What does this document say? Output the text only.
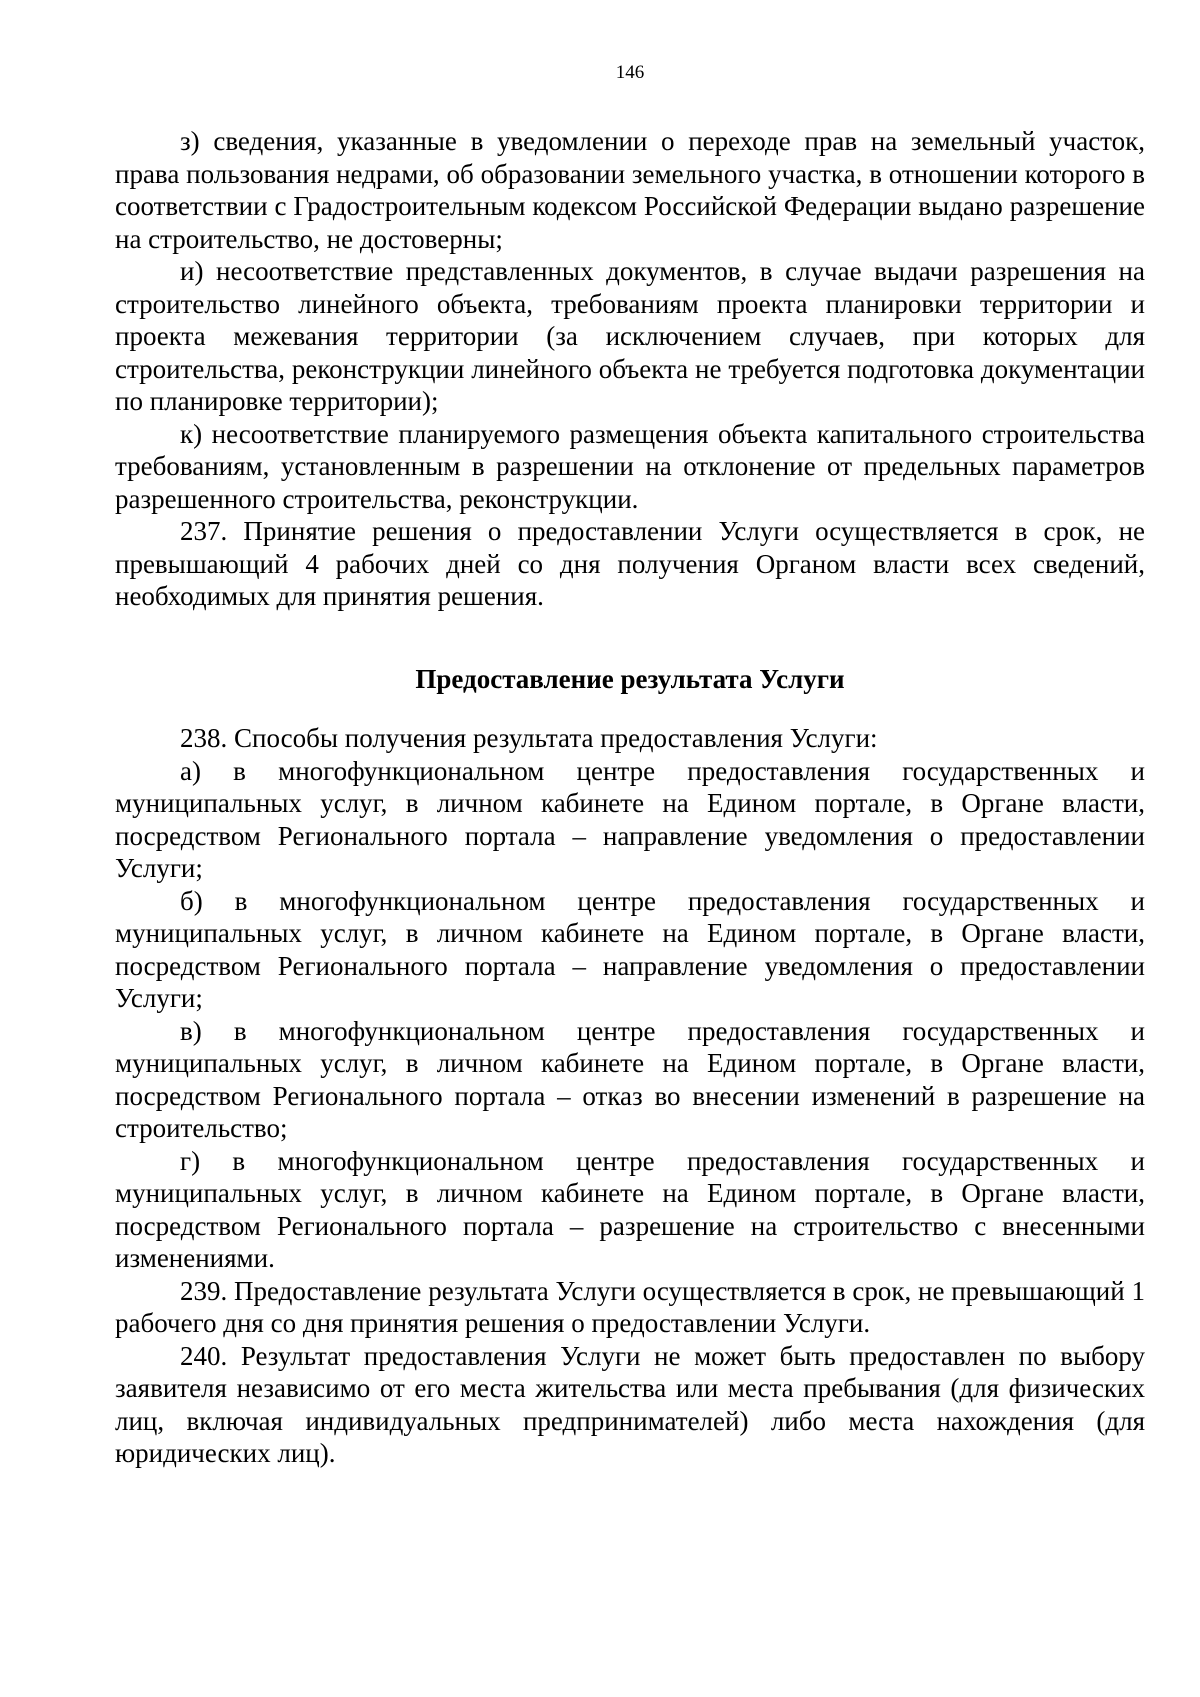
146

з) сведения, указанные в уведомлении о переходе прав на земельный участок, права пользования недрами, об образовании земельного участка, в отношении которого в соответствии с Градостроительным кодексом Российской Федерации выдано разрешение на строительство, не достоверны;

и) несоответствие представленных документов, в случае выдачи разрешения на строительство линейного объекта, требованиям проекта планировки территории и проекта межевания территории (за исключением случаев, при которых для строительства, реконструкции линейного объекта не требуется подготовка документации по планировке территории);

к) несоответствие планируемого размещения объекта капитального строительства требованиям, установленным в разрешении на отклонение от предельных параметров разрешенного строительства, реконструкции.

237. Принятие решения о предоставлении Услуги осуществляется в срок, не превышающий 4 рабочих дней со дня получения Органом власти всех сведений, необходимых для принятия решения.

Предоставление результата Услуги

238. Способы получения результата предоставления Услуги:

а) в многофункциональном центре предоставления государственных и муниципальных услуг, в личном кабинете на Едином портале, в Органе власти, посредством Регионального портала – направление уведомления о предоставлении Услуги;

б) в многофункциональном центре предоставления государственных и муниципальных услуг, в личном кабинете на Едином портале, в Органе власти, посредством Регионального портала – направление уведомления о предоставлении Услуги;

в) в многофункциональном центре предоставления государственных и муниципальных услуг, в личном кабинете на Едином портале, в Органе власти, посредством Регионального портала – отказ во внесении изменений в разрешение на строительство;

г) в многофункциональном центре предоставления государственных и муниципальных услуг, в личном кабинете на Едином портале, в Органе власти, посредством Регионального портала – разрешение на строительство с внесенными изменениями.

239. Предоставление результата Услуги осуществляется в срок, не превышающий 1 рабочего дня со дня принятия решения о предоставлении Услуги.

240. Результат предоставления Услуги не может быть предоставлен по выбору заявителя независимо от его места жительства или места пребывания (для физических лиц, включая индивидуальных предпринимателей) либо места нахождения (для юридических лиц).
